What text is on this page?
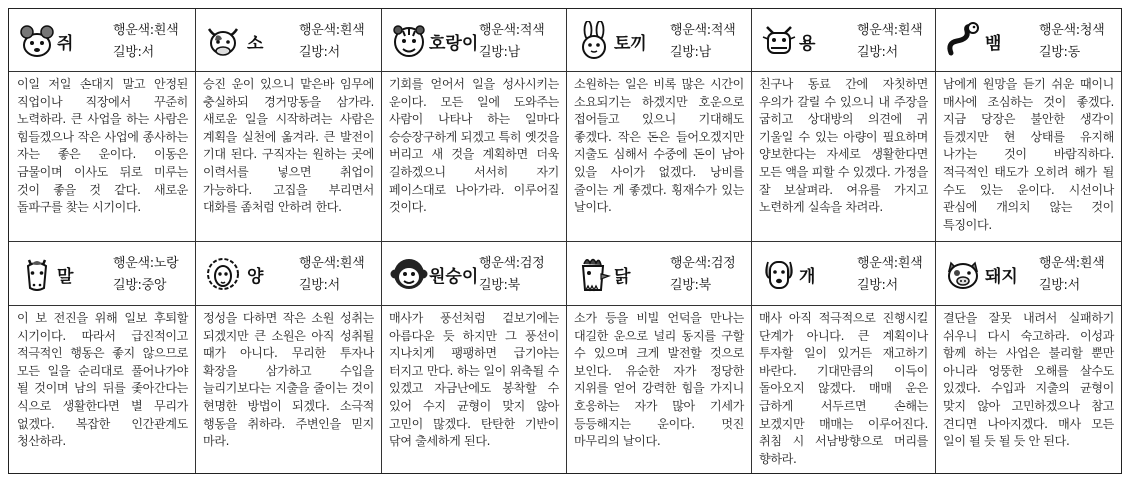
쥐
행운색:흰색
길방:서

이일 저일 손대지 말고 안정된 직업이나 직장에서 꾸준히 노력하라. 큰 사업을 하는 사람은 힘들겠으나 작은 사업에 종사하는 자는 좋은 운이다. 이동은 금물이며 이사도 뒤로 미루는 것이 좋을 것 같다. 새로운 돌파구를 찾는 시기이다.

소
행운색:흰색
길방:서

승진 운이 있으니 맡은바 임무에 충실하되 경거망동을 삼가라. 새로운 일을 시작하려는 사람은 계획을 실천에 옮겨라. 큰 발전이 기대 된다. 구직자는 원하는 곳에 이력서를 넣으면 취업이 가능하다. 고집을 부리면서 대화를 좀처럼 안하려 한다.

호랑이
행운색:적색
길방:남

기회를 얻어서 일을 성사시키는 운이다. 모든 일에 도와주는 사람이 나타나 하는 일마다 승승장구하게 되겠고 특히 옛것을 버리고 새 것을 계획하면 더욱 길하겠으니 서서히 자기 페이스대로 나아가라. 이루어질 것이다.

토끼
행운색:적색
길방:남

소원하는 일은 비록 많은 시간이 소요되기는 하겠지만 호운으로 접어들고 있으니 기대해도 좋겠다. 작은 돈은 들어오겠지만 지출도 심해서 수중에 돈이 남아 있을 사이가 없겠다. 낭비를 줄이는 게 좋겠다. 횡재수가 있는 날이다.

용
행운색:흰색
길방:서

친구나 동료 간에 자칫하면 우의가 갈릴 수 있으니 내 주장을 굽히고 상대방의 의견에 귀 기울일 수 있는 아량이 필요하며 양보한다는 자세로 생활한다면 모든 액을 피할 수 있겠다. 가정을 잘 보살펴라. 여유를 가지고 노련하게 실속을 차려라.

뱀
행운색:청색
길방:동

남에게 원망을 듣기 쉬운 때이니 매사에 조심하는 것이 좋겠다. 지금 당장은 불안한 생각이 들겠지만 현 상태를 유지해 나가는 것이 바람직하다. 적극적인 태도가 오히려 해가 될 수도 있는 운이다. 시선이나 관심에 개의치 않는 것이 특징이다.

말
행운색:노랑
길방:중앙

이 보 전진을 위해 일보 후퇴할 시기이다. 따라서 급진적이고 적극적인 행동은 좋지 않으므로 모든 일을 순리대로 풀어나가야 될 것이며 남의 뒤를 좇아간다는 식으로 생활한다면 별 무리가 없겠다. 복잡한 인간관계도 청산하라.

양
행운색:흰색
길방:서

정성을 다하면 작은 소원 성취는 되겠지만 큰 소원은 아직 성취될 때가 아니다. 무리한 투자나 확장을 삼가하고 수입을 늘리기보다는 지출을 줄이는 것이 현명한 방법이 되겠다. 소극적 행동을 취하라. 주변인을 믿지 마라.

원숭이
행운색:검정
길방:북

매사가 풍선처럼 겉보기에는 아름다운 듯 하지만 그 풍선이 지나치게 팽팽하면 급기야는 터지고 만다. 하는 일이 위축될 수 있겠고 자금난에도 봉착할 수 있어 수지 균형이 맞지 않아 고민이 많겠다. 탄탄한 기반이 닦여 출세하게 된다.

닭
행운색:검정
길방:북

소가 등을 비빌 언덕을 만나는 대길한 운으로 널리 동지를 구할 수 있으며 크게 발전할 것으로 보인다. 유순한 자가 정당한 지위를 얻어 강력한 힘을 가지니 호응하는 자가 많아 기세가 등등해지는 운이다. 멋진 마무리의 날이다.

개
행운색:흰색
길방:서

매사 아직 적극적으로 진행시킬 단계가 아니다. 큰 계획이나 투자할 일이 있거든 재고하기 바란다. 기대만큼의 이득이 돌아오지 않겠다. 매매 운은 급하게 서두르면 손해는 보겠지만 매매는 이루어진다. 취침 시 서남방향으로 머리를 향하라.

돼지
행운색:흰색
길방:서

결단을 잘못 내려서 실패하기 쉬우니 다시 숙고하라. 이성과 함께 하는 사업은 불리할 뿐만 아니라 엉뚱한 오해를 살수도 있겠다. 수입과 지출의 균형이 맞지 않아 고민하겠으나 참고 견디면 나아지겠다. 매사 모든 일이 될 듯 될 듯 안 된다.
